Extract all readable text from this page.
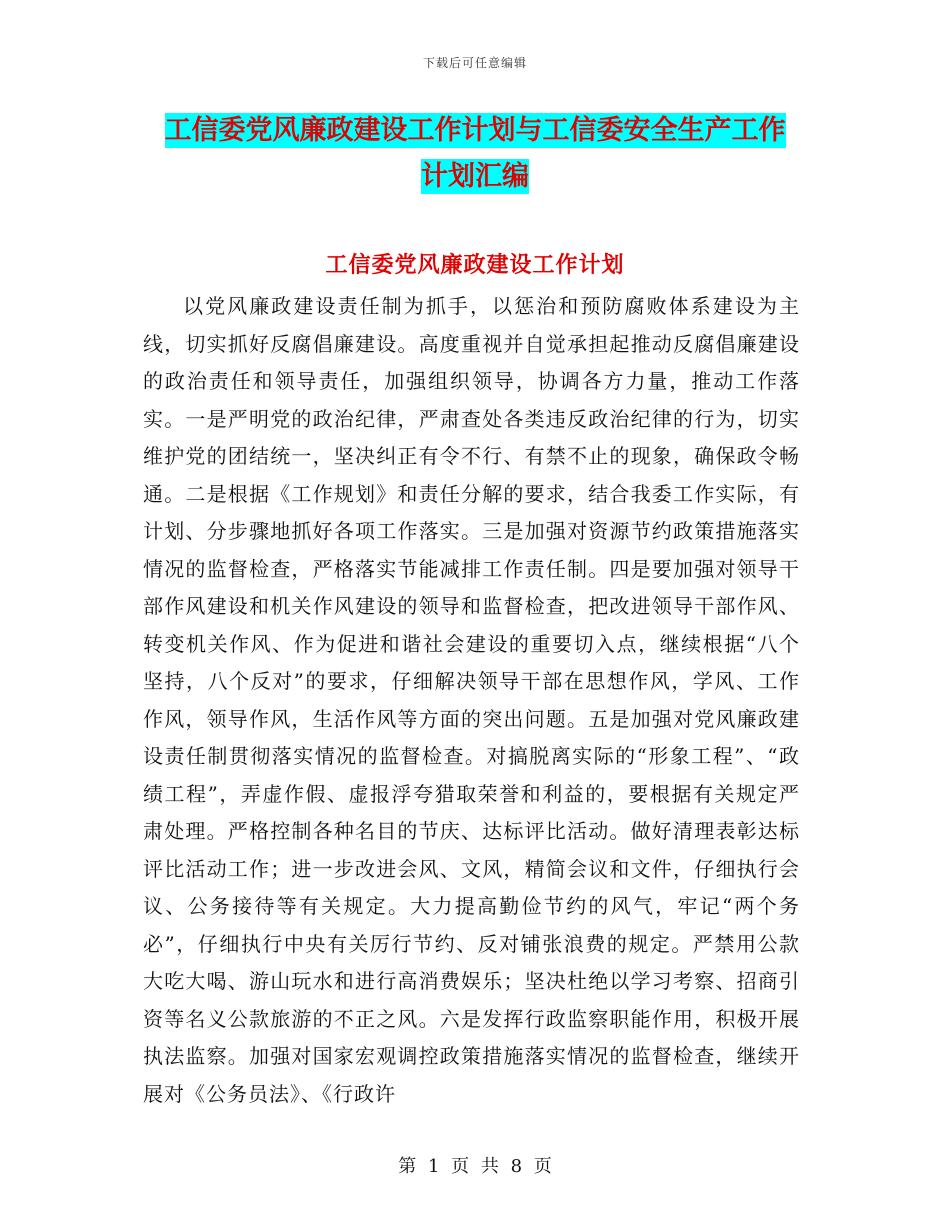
下载后可任意编辑
工信委党风廉政建设工作计划与工信委安全生产工作
计划汇编
工信委党风廉政建设工作计划

以党风廉政建设责任制为抓手，以惩治和预防腐败体系建设为主线，切实抓好反腐倡廉建设。高度重视并自觉承担起推动反腐倡廉建设的政治责任和领导责任，加强组织领导，协调各方力量，推动工作落实。一是严明党的政治纪律，严肃查处各类违反政治纪律的行为，切实维护党的团结统一，坚决纠正有令不行、有禁不止的现象，确保政令畅通。二是根据《工作规划》和责任分解的要求，结合我委工作实际，有计划、分步骤地抓好各项工作落实。三是加强对资源节约政策措施落实情况的监督检查，严格落实节能减排工作责任制。四是要加强对领导干部作风建设和机关作风建设的领导和监督检查，把改进领导干部作风、转变机关作风、作为促进和谐社会建设的重要切入点，继续根据“八个坚持，八个反对”的要求，仔细解决领导干部在思想作风，学风、工作作风，领导作风，生活作风等方面的突出问题。五是加强对党风廉政建设责任制贯彻落实情况的监督检查。对搞脱离实际的“形象工程”、“政绩工程”，弄虚作假、虚报浮夸猎取荣誉和利益的，要根据有关规定严肃处理。严格控制各种名目的节庆、达标评比活动。做好清理表彰达标评比活动工作；进一步改进会风、文风，精简会议和文件，仔细执行会议、公务接待等有关规定。大力提高勤俭节约的风气，牢记“两个务必”，仔细执行中央有关厉行节约、反对铺张浪费的规定。严禁用公款大吃大喝、游山玩水和进行高消费娱乐；坚决杜绝以学习考察、招商引资等名义公款旅游的不正之风。六是发挥行政监察职能作用，积极开展执法监察。加强对国家宏观调控政策措施落实情况的监督检查，继续开展对《公务员法》、《行政许

第 1 页 共 8 页
